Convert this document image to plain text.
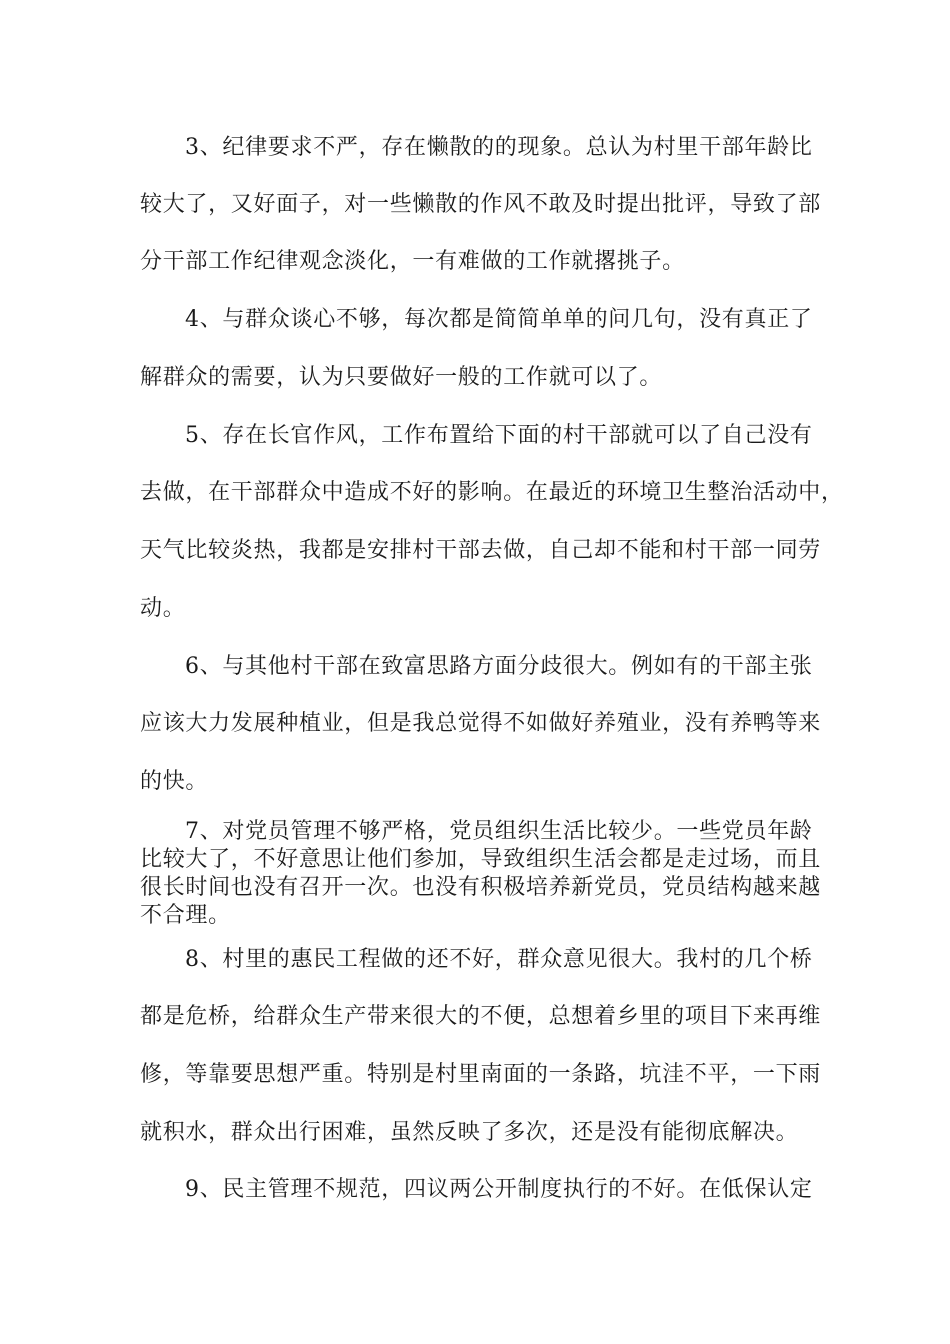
3、纪律要求不严，存在懒散的的现象。总认为村里干部年龄比
较大了，又好面子，对一些懒散的作风不敢及时提出批评，导致了部
分干部工作纪律观念淡化，一有难做的工作就撂挑子。
4、与群众谈心不够，每次都是简简单单的问几句，没有真正了
解群众的需要，认为只要做好一般的工作就可以了。
5、存在长官作风，工作布置给下面的村干部就可以了自己没有
去做，在干部群众中造成不好的影响。在最近的环境卫生整治活动中，
天气比较炎热，我都是安排村干部去做，自己却不能和村干部一同劳
动。
6、与其他村干部在致富思路方面分歧很大。例如有的干部主张
应该大力发展种植业，但是我总觉得不如做好养殖业，没有养鸭等来
的快。
7、对党员管理不够严格，党员组织生活比较少。一些党员年龄
比较大了，不好意思让他们参加，导致组织生活会都是走过场，而且
很长时间也没有召开一次。也没有积极培养新党员，党员结构越来越
不合理。
8、村里的惠民工程做的还不好，群众意见很大。我村的几个桥
都是危桥，给群众生产带来很大的不便，总想着乡里的项目下来再维
修，等靠要思想严重。特别是村里南面的一条路，坑洼不平，一下雨
就积水，群众出行困难，虽然反映了多次，还是没有能彻底解决。
9、民主管理不规范，四议两公开制度执行的不好。在低保认定
